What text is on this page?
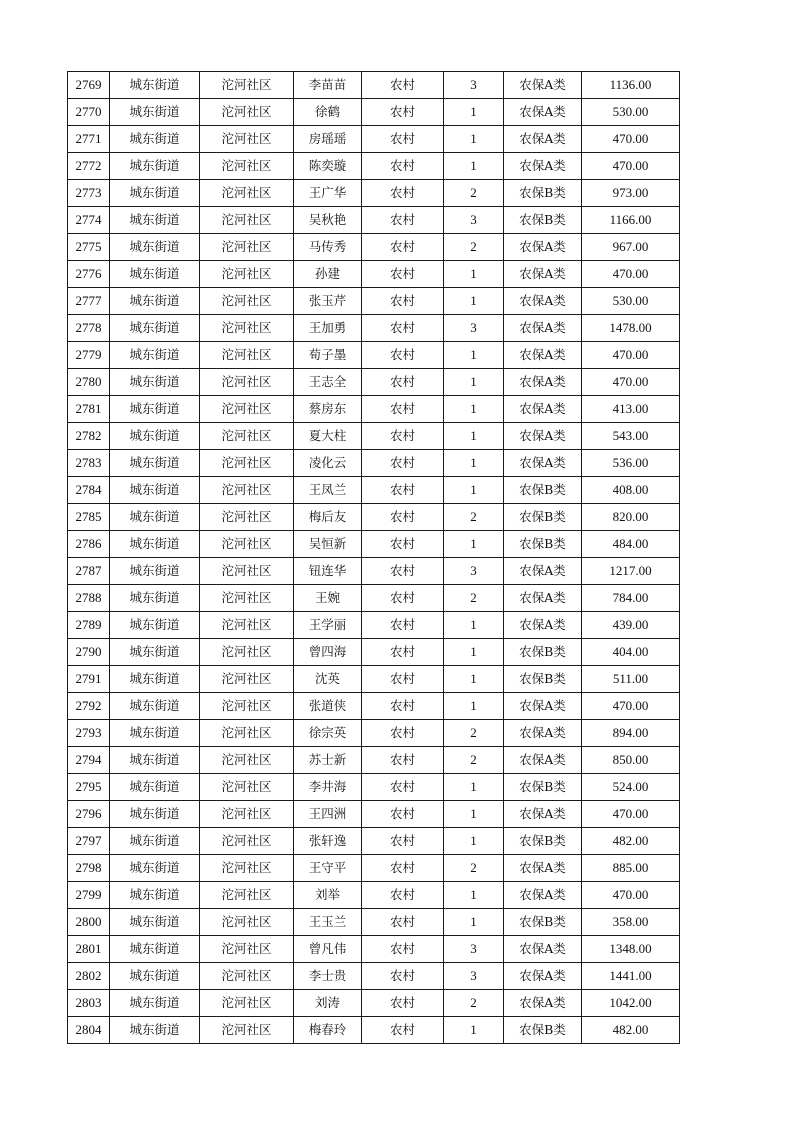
2769	城东街道	沱河社区	李苗苗	农村	3	农保A类	1136.00
2770	城东街道	沱河社区	徐鹤	农村	1	农保A类	530.00
2771	城东街道	沱河社区	房瑶瑶	农村	1	农保A类	470.00
2772	城东街道	沱河社区	陈奕璇	农村	1	农保A类	470.00
2773	城东街道	沱河社区	王广华	农村	2	农保B类	973.00
2774	城东街道	沱河社区	吴秋艳	农村	3	农保B类	1166.00
2775	城东街道	沱河社区	马传秀	农村	2	农保A类	967.00
2776	城东街道	沱河社区	孙建	农村	1	农保A类	470.00
2777	城东街道	沱河社区	张玉芹	农村	1	农保A类	530.00
2778	城东街道	沱河社区	王加勇	农村	3	农保A类	1478.00
2779	城东街道	沱河社区	荀子墨	农村	1	农保A类	470.00
2780	城东街道	沱河社区	王志全	农村	1	农保A类	470.00
2781	城东街道	沱河社区	蔡房东	农村	1	农保A类	413.00
2782	城东街道	沱河社区	夏大柱	农村	1	农保A类	543.00
2783	城东街道	沱河社区	凌化云	农村	1	农保A类	536.00
2784	城东街道	沱河社区	王凤兰	农村	1	农保B类	408.00
2785	城东街道	沱河社区	梅后友	农村	2	农保B类	820.00
2786	城东街道	沱河社区	吴恒新	农村	1	农保B类	484.00
2787	城东街道	沱河社区	钮连华	农村	3	农保A类	1217.00
2788	城东街道	沱河社区	王婉	农村	2	农保A类	784.00
2789	城东街道	沱河社区	王学丽	农村	1	农保A类	439.00
2790	城东街道	沱河社区	曾四海	农村	1	农保B类	404.00
2791	城东街道	沱河社区	沈英	农村	1	农保B类	511.00
2792	城东街道	沱河社区	张道侠	农村	1	农保A类	470.00
2793	城东街道	沱河社区	徐宗英	农村	2	农保A类	894.00
2794	城东街道	沱河社区	苏士新	农村	2	农保A类	850.00
2795	城东街道	沱河社区	李井海	农村	1	农保B类	524.00
2796	城东街道	沱河社区	王四洲	农村	1	农保A类	470.00
2797	城东街道	沱河社区	张轩逸	农村	1	农保B类	482.00
2798	城东街道	沱河社区	王守平	农村	2	农保A类	885.00
2799	城东街道	沱河社区	刘举	农村	1	农保A类	470.00
2800	城东街道	沱河社区	王玉兰	农村	1	农保B类	358.00
2801	城东街道	沱河社区	曾凡伟	农村	3	农保A类	1348.00
2802	城东街道	沱河社区	李士贵	农村	3	农保A类	1441.00
2803	城东街道	沱河社区	刘涛	农村	2	农保A类	1042.00
2804	城东街道	沱河社区	梅春玲	农村	1	农保B类	482.00
